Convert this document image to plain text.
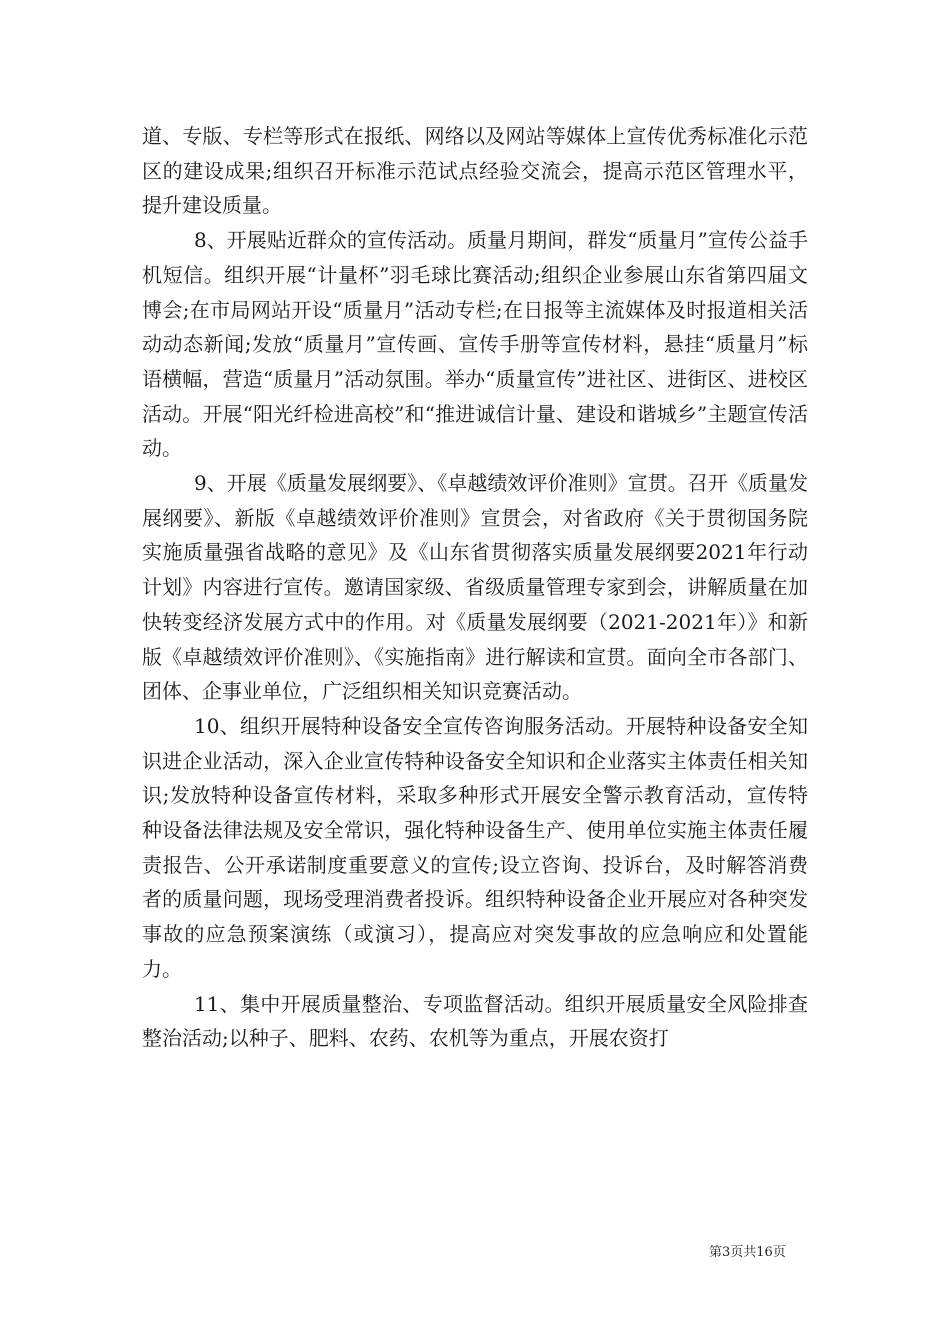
道、专版、专栏等形式在报纸、网络以及网站等媒体上宣传优秀标准化示范区的建设成果;组织召开标准示范试点经验交流会，提高示范区管理水平，提升建设质量。

8、开展贴近群众的宣传活动。质量月期间，群发“质量月”宣传公益手机短信。组织开展“计量杯”羽毛球比赛活动;组织企业参展山东省第四届文博会;在市局网站开设“质量月”活动专栏;在日报等主流媒体及时报道相关活动动态新闻;发放“质量月”宣传画、宣传手册等宣传材料，悬挂“质量月”标语横幅，营造“质量月”活动氛围。举办“质量宣传”进社区、进街区、进校区活动。开展“阳光纤检进高校”和“推进诚信计量、建设和谐城乡”主题宣传活动。

9、开展《质量发展纲要》、《卓越绩效评价准则》宣贯。召开《质量发展纲要》、新版《卓越绩效评价准则》宣贯会，对省政府《关于贯彻国务院实施质量强省战略的意见》及《山东省贯彻落实质量发展纲要2021年行动计划》内容进行宣传。邀请国家级、省级质量管理专家到会，讲解质量在加快转变经济发展方式中的作用。对《质量发展纲要（2021-2021年）》和新版《卓越绩效评价准则》、《实施指南》进行解读和宣贯。面向全市各部门、团体、企事业单位，广泛组织相关知识竞赛活动。

10、组织开展特种设备安全宣传咨询服务活动。开展特种设备安全知识进企业活动，深入企业宣传特种设备安全知识和企业落实主体责任相关知识;发放特种设备宣传材料，采取多种形式开展安全警示教育活动，宣传特种设备法律法规及安全常识，强化特种设备生产、使用单位实施主体责任履责报告、公开承诺制度重要意义的宣传;设立咨询、投诉台，及时解答消费者的质量问题，现场受理消费者投诉。组织特种设备企业开展应对各种突发事故的应急预案演练（或演习），提高应对突发事故的应急响应和处置能力。

11、集中开展质量整治、专项监督活动。组织开展质量安全风险排查整治活动;以种子、肥料、农药、农机等为重点，开展农资打

第3页共16页
